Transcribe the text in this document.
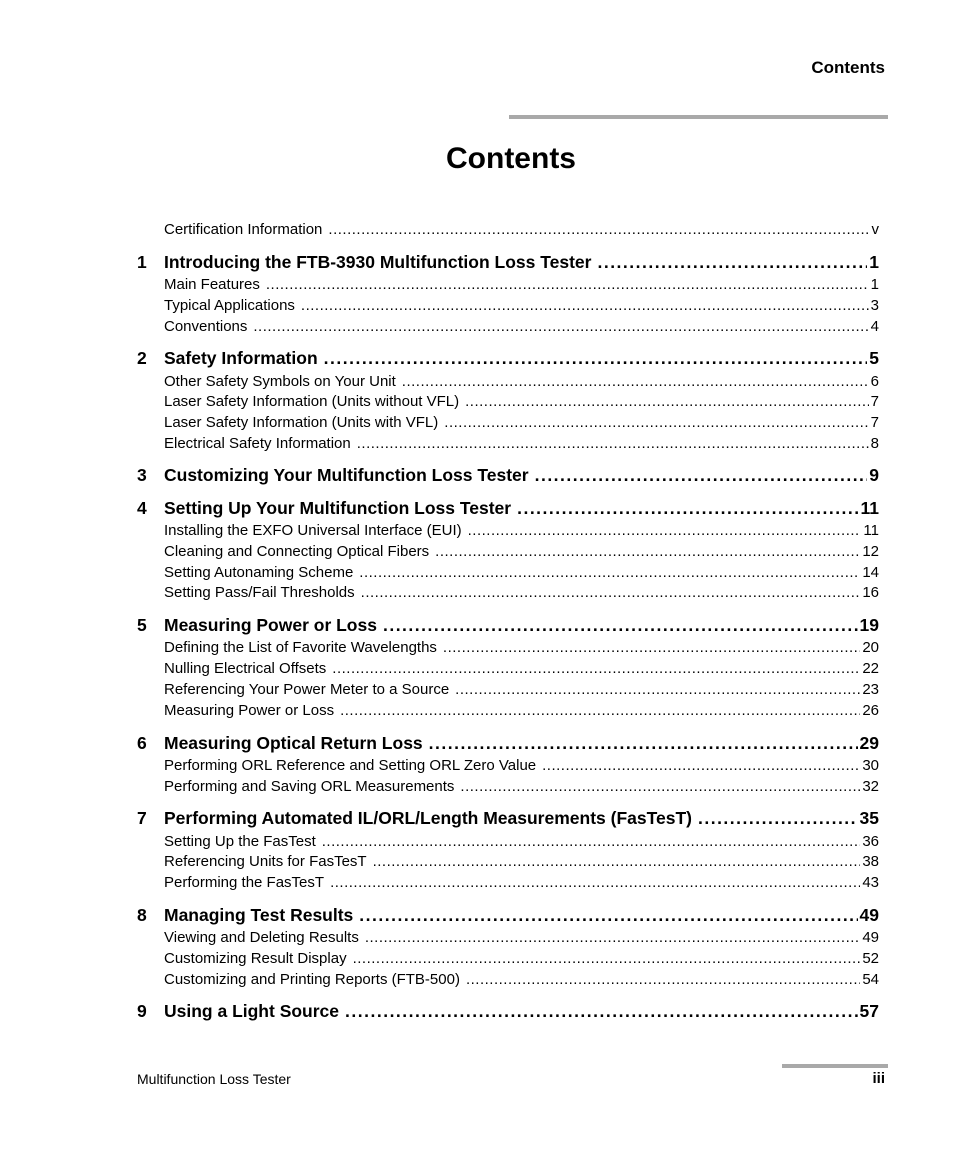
Contents
Contents
Certification Information .....	v
1 Introducing the FTB-3930 Multifunction Loss Tester .....	1
Main Features .....	1
Typical Applications .....	3
Conventions .....	4
2 Safety Information .....	5
Other Safety Symbols on Your Unit .....	6
Laser Safety Information (Units without VFL) .....	7
Laser Safety Information (Units with VFL) .....	7
Electrical Safety Information .....	8
3 Customizing Your Multifunction Loss Tester .....	9
4 Setting Up Your Multifunction Loss Tester .....	11
Installing the EXFO Universal Interface (EUI) .....	11
Cleaning and Connecting Optical Fibers .....	12
Setting Autonaming Scheme .....	14
Setting Pass/Fail Thresholds .....	16
5 Measuring Power or Loss .....	19
Defining the List of Favorite Wavelengths .....	20
Nulling Electrical Offsets .....	22
Referencing Your Power Meter to a Source .....	23
Measuring Power or Loss .....	26
6 Measuring Optical Return Loss .....	29
Performing ORL Reference and Setting ORL Zero Value .....	30
Performing and Saving ORL Measurements .....	32
7 Performing Automated IL/ORL/Length Measurements (FasTesT) .....	35
Setting Up the FasTest .....	36
Referencing Units for FasTesT .....	38
Performing the FasTesT .....	43
8 Managing Test Results .....	49
Viewing and Deleting Results .....	49
Customizing Result Display .....	52
Customizing and Printing Reports (FTB-500) .....	54
9 Using a Light Source .....	57
Multifunction Loss Tester	iii
